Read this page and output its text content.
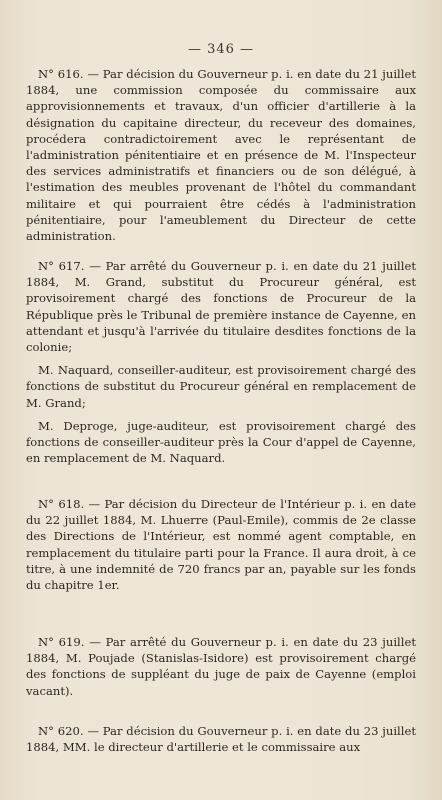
— 346 —

N° 616. — Par décision du Gouverneur p. i. en date du 21 juillet 1884, une commission composée du commissaire aux approvisionnements et travaux, d'un officier d'artillerie à la désignation du capitaine directeur, du receveur des domaines, procédera contradictoirement avec le représentant de l'administration pénitentiaire et en présence de M. l'Inspecteur des services administratifs et financiers ou de son délégué, à l'estimation des meubles provenant de l'hôtel du commandant militaire et qui pourraient être cédés à l'administration pénitentiaire, pour l'ameublement du Directeur de cette administration.

N° 617. — Par arrêté du Gouverneur p. i. en date du 21 juillet 1884, M. Grand, substitut du Procureur général, est provisoirement chargé des fonctions de Procureur de la République près le Tribunal de première instance de Cayenne, en attendant et jusqu'à l'arrivée du titulaire desdites fonctions de la colonie;

M. Naquard, conseiller-auditeur, est provisoirement chargé des fonctions de substitut du Procureur général en remplacement de M. Grand;

M. Deproge, juge-auditeur, est provisoirement chargé des fonctions de conseiller-auditeur près la Cour d'appel de Cayenne, en remplacement de M. Naquard.

N° 618. — Par décision du Directeur de l'Intérieur p. i. en date du 22 juillet 1884, M. Lhuerre (Paul-Emile), commis de 2e classe des Directions de l'Intérieur, est nommé agent comptable, en remplacement du titulaire parti pour la France. Il aura droit, à ce titre, à une indemnité de 720 francs par an, payable sur les fonds du chapitre 1er.

N° 619. — Par arrêté du Gouverneur p. i. en date du 23 juillet 1884, M. Poujade (Stanislas-Isidore) est provisoirement chargé des fonctions de suppléant du juge de paix de Cayenne (emploi vacant).

N° 620. — Par décision du Gouverneur p. i. en date du 23 juillet 1884, MM. le directeur d'artillerie et le commissaire aux
